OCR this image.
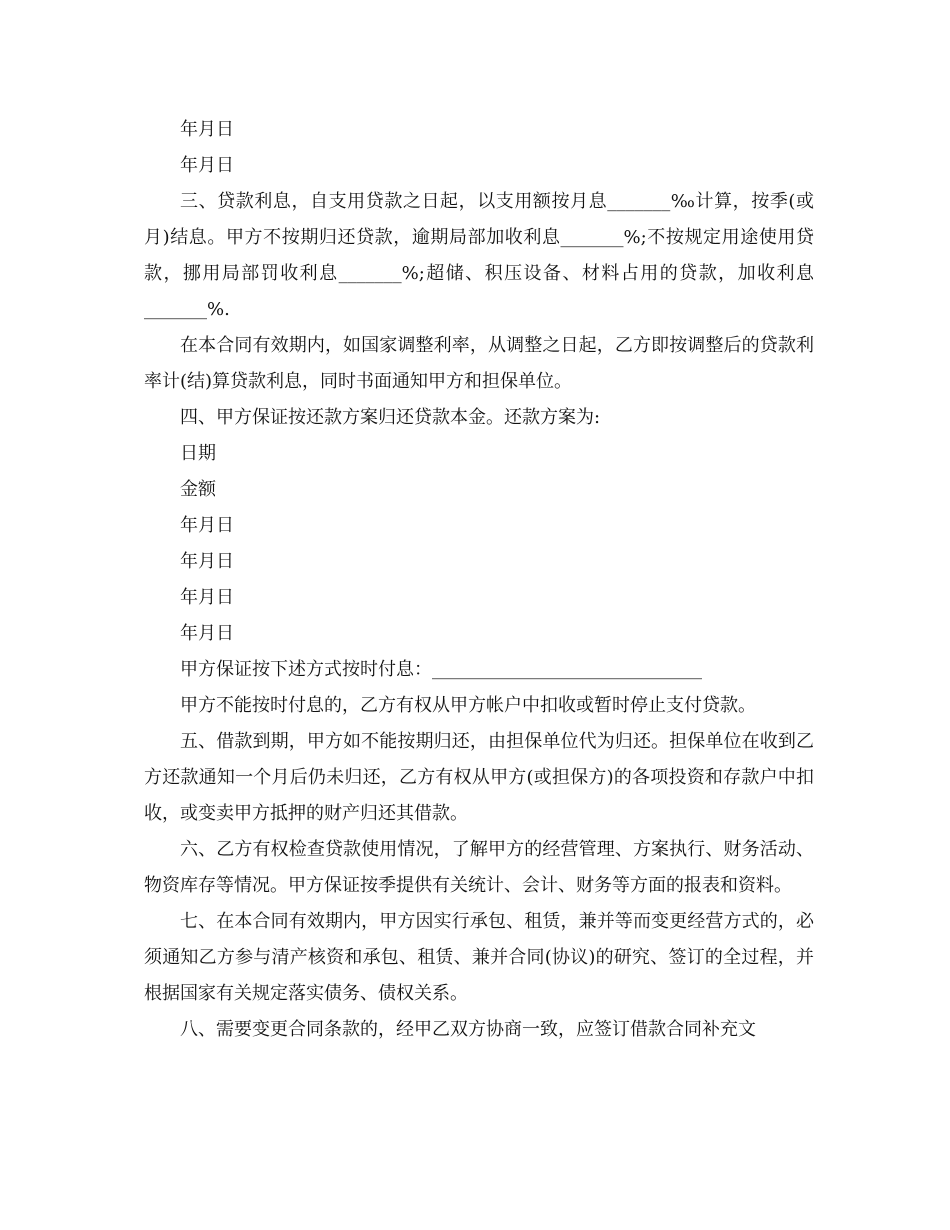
年月日

年月日

三、贷款利息，自支用贷款之日起，以支用额按月息_______‰计算，按季(或月)结息。甲方不按期归还贷款，逾期局部加收利息_______%;不按规定用途使用贷款，挪用局部罚收利息_______%;超储、积压设备、材料占用的贷款，加收利息_______%.

在本合同有效期内，如国家调整利率，从调整之日起，乙方即按调整后的贷款利率计(结)算贷款利息，同时书面通知甲方和担保单位。

四、甲方保证按还款方案归还贷款本金。还款方案为:

日期

金额

年月日

年月日

年月日

年月日

甲方保证按下述方式按时付息：______________________________

甲方不能按时付息的，乙方有权从甲方帐户中扣收或暂时停止支付贷款。

五、借款到期，甲方如不能按期归还，由担保单位代为归还。担保单位在收到乙方还款通知一个月后仍未归还，乙方有权从甲方(或担保方)的各项投资和存款户中扣收，或变卖甲方抵押的财产归还其借款。

六、乙方有权检查贷款使用情况，了解甲方的经营管理、方案执行、财务活动、物资库存等情况。甲方保证按季提供有关统计、会计、财务等方面的报表和资料。

七、在本合同有效期内，甲方因实行承包、租赁，兼并等而变更经营方式的，必须通知乙方参与清产核资和承包、租赁、兼并合同(协议)的研究、签订的全过程，并根据国家有关规定落实债务、债权关系。

八、需要变更合同条款的，经甲乙双方协商一致，应签订借款合同补充文
